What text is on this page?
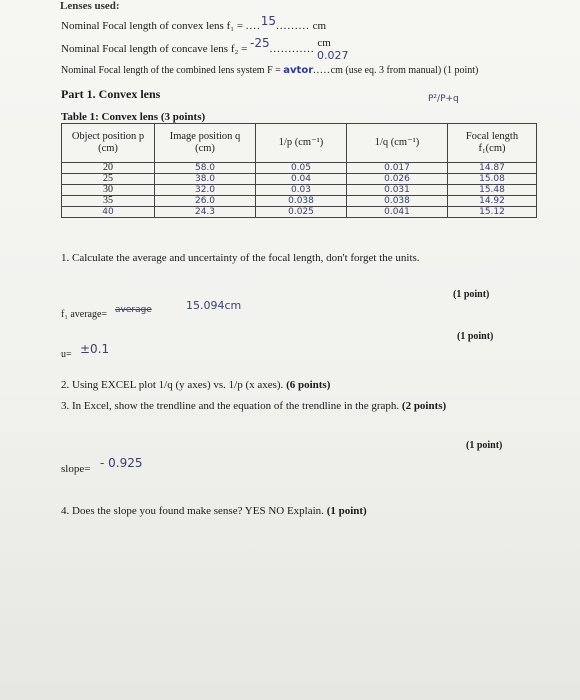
Lenses used:
Nominal Focal length of convex lens f₁ = ....15......... cm
Nominal Focal length of concave lens f₂ = -25............ cm
Nominal Focal length of the combined lens system F = avtor.....cm (use eq. 3 from manual) (1 point)
0.027
Part 1. Convex lens	P²/P+q
Table 1: Convex lens (3 points)
Object position p (cm)	Image position q (cm)	1/p (cm⁻¹)	1/q (cm⁻¹)	Focal length f₁(cm)
20	58.0	0.05	0.017	14.87
25	38.0	0.04	0.026	15.08
30	32.0	0.03	0.031	15.48
35	26.0	0.038	0.038	14.92
40	24.3	0.025	0.041	15.12
1. Calculate the average and uncertainty of the focal length, don't forget the units.
(1 point)
f₁ average= average	15.094cm
(1 point)
u= ±0.1
2. Using EXCEL plot 1/q (y axes) vs. 1/p (x axes). (6 points)
3. In Excel, show the trendline and the equation of the trendline in the graph. (2 points)
(1 point)
slope= - 0.925
4. Does the slope you found make sense? YES NO Explain. (1 point)
